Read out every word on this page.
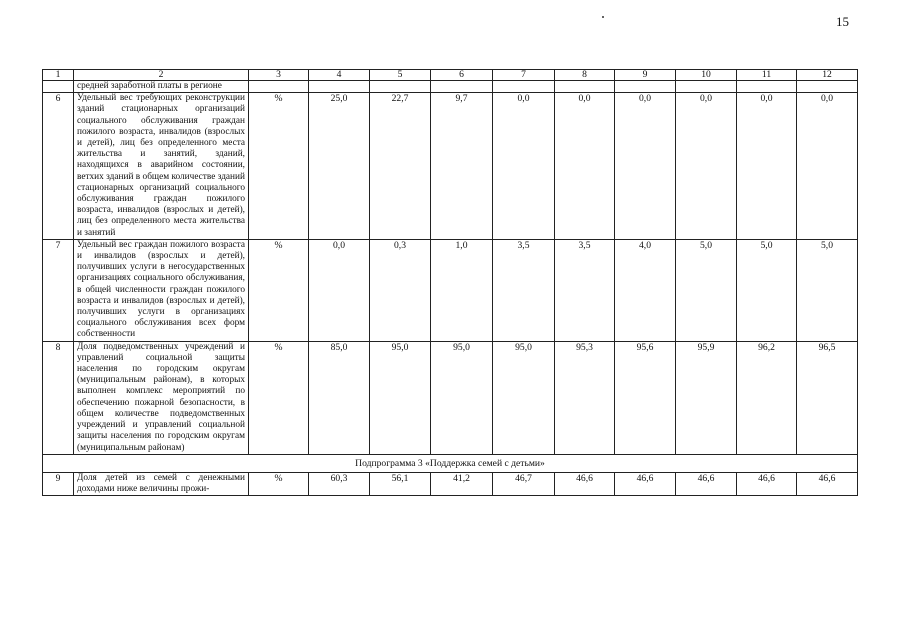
15
1	2	3	4	5	6	7	8	9	10	11	12
	средней заработной платы в регионе										
6	Удельный вес требующих реконструкции зданий стационарных организаций социального обслуживания граждан пожилого возраста, инвалидов (взрослых и детей), лиц без определенного места жительства и занятий, зданий, находящихся в аварийном состоянии, ветхих зданий в общем количестве зданий стационарных организаций социального обслуживания граждан пожилого возраста, инвалидов (взрослых и детей), лиц без определенного места жительства и занятий	%	25,0	22,7	9,7	0,0	0,0	0,0	0,0	0,0	0,0
7	Удельный вес граждан пожилого возраста и инвалидов (взрослых и детей), получивших услуги в негосударственных организациях социального обслуживания, в общей численности граждан пожилого возраста и инвалидов (взрослых и детей), получивших услуги в организациях социального обслуживания всех форм собственности	%	0,0	0,3	1,0	3,5	3,5	4,0	5,0	5,0	5,0
8	Доля подведомственных учреждений и управлений социальной защиты населения по городским округам (муниципальным районам), в которых выполнен комплекс мероприятий по обеспечению пожарной безопасности, в общем количестве подведомственных учреждений и управлений социальной защиты населения по городским округам (муниципальным районам)	%	85,0	95,0	95,0	95,0	95,3	95,6	95,9	96,2	96,5
Подпрограмма 3 «Поддержка семей с детьми»											
9	Доля детей из семей с денежными доходами ниже величины прожи-	%	60,3	56,1	41,2	46,7	46,6	46,6	46,6	46,6	46,6
